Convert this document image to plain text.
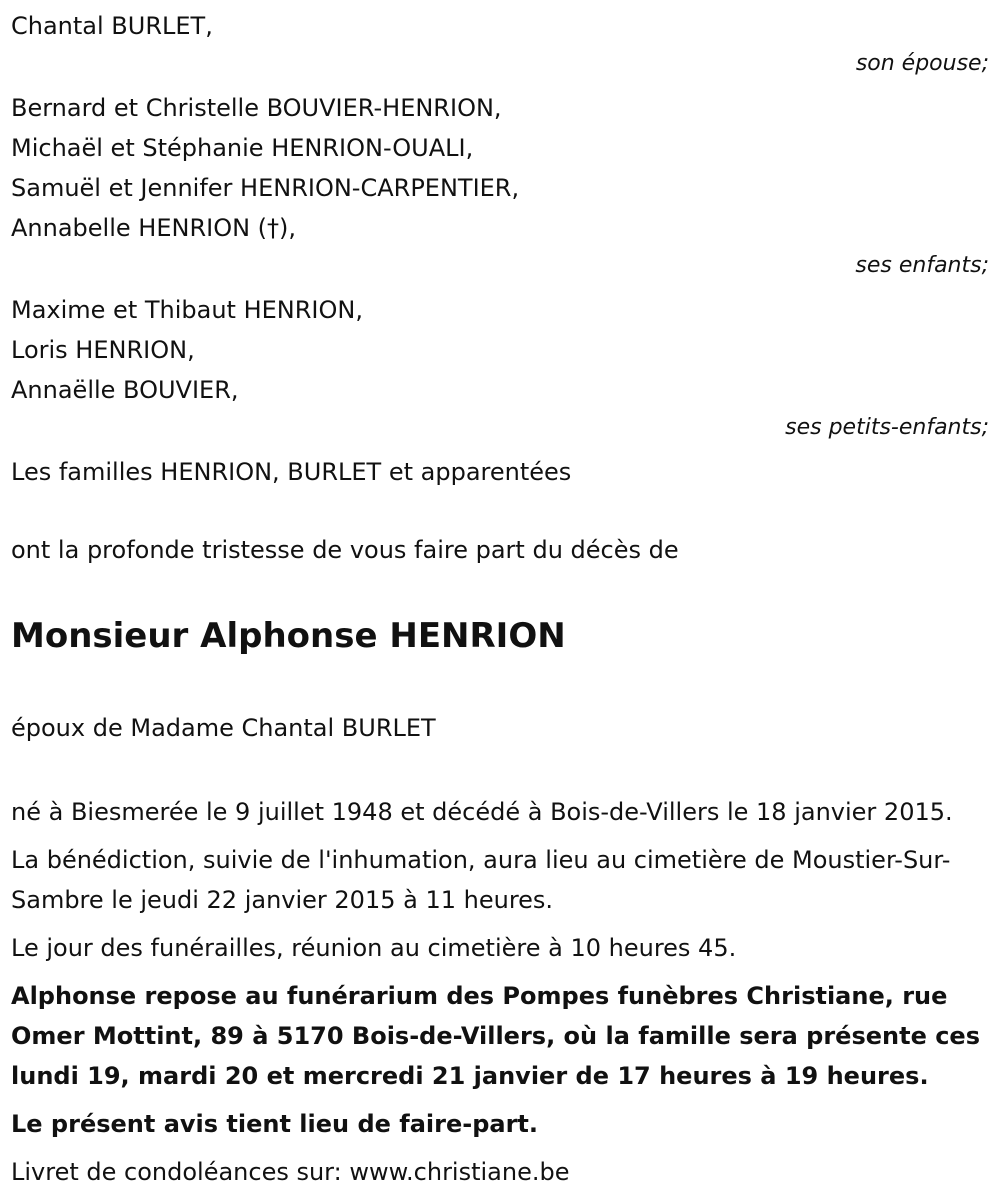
Chantal BURLET,
son épouse;
Bernard et Christelle BOUVIER-HENRION,
Michaël et Stéphanie HENRION-OUALI,
Samuël et Jennifer HENRION-CARPENTIER,
Annabelle HENRION (†),
ses enfants;
Maxime et Thibaut HENRION,
Loris HENRION,
Annaëlle BOUVIER,
ses petits-enfants;
Les familles HENRION, BURLET et apparentées
ont la profonde tristesse de vous faire part du décès de
Monsieur Alphonse HENRION
époux de Madame Chantal BURLET
né à Biesmerée le 9 juillet 1948 et décédé à Bois-de-Villers le 18 janvier 2015.
La bénédiction, suivie de l'inhumation, aura lieu au cimetière de Moustier-Sur-Sambre le jeudi 22 janvier 2015 à 11 heures.
Le jour des funérailles, réunion au cimetière à 10 heures 45.
Alphonse repose au funérarium des Pompes funèbres Christiane, rue Omer Mottint, 89 à 5170 Bois-de-Villers, où la famille sera présente ces lundi 19, mardi 20 et mercredi 21 janvier de 17 heures à 19 heures.
Le présent avis tient lieu de faire-part.
Livret de condoléances sur: www.christiane.be
